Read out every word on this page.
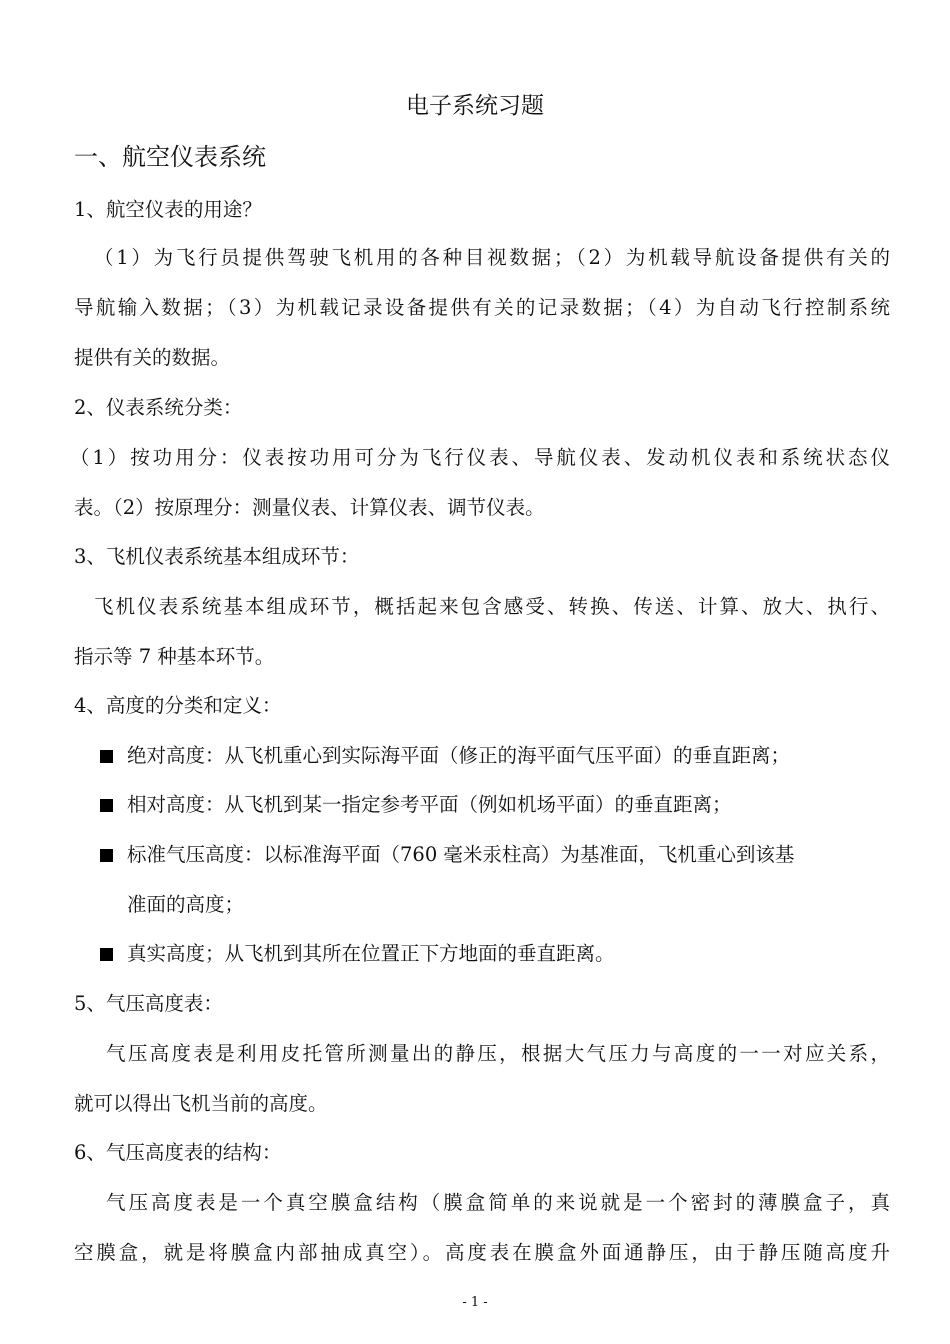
电子系统习题
一、航空仪表系统
1、航空仪表的用途？
（1）为飞行员提供驾驶飞机用的各种目视数据；（2）为机载导航设备提供有关的
导航输入数据；（3）为机载记录设备提供有关的记录数据；（4）为自动飞行控制系统
提供有关的数据。
2、仪表系统分类：
（1）按功用分：仪表按功用可分为飞行仪表、导航仪表、发动机仪表和系统状态仪
表。（2）按原理分：测量仪表、计算仪表、调节仪表。
3、飞机仪表系统基本组成环节：
飞机仪表系统基本组成环节，概括起来包含感受、转换、传送、计算、放大、执行、
指示等 7 种基本环节。
4、高度的分类和定义：
绝对高度：从飞机重心到实际海平面（修正的海平面气压平面）的垂直距离；
相对高度：从飞机到某一指定参考平面（例如机场平面）的垂直距离；
标准气压高度：以标准海平面（760 毫米汞柱高）为基准面，飞机重心到该基
准面的高度；
真实高度；从飞机到其所在位置正下方地面的垂直距离。
5、气压高度表：
气压高度表是利用皮托管所测量出的静压，根据大气压力与高度的一一对应关系，
就可以得出飞机当前的高度。
6、气压高度表的结构：
气压高度表是一个真空膜盒结构（膜盒简单的来说就是一个密封的薄膜盒子，真
空膜盒，就是将膜盒内部抽成真空）。高度表在膜盒外面通静压，由于静压随高度升
- 1 -
